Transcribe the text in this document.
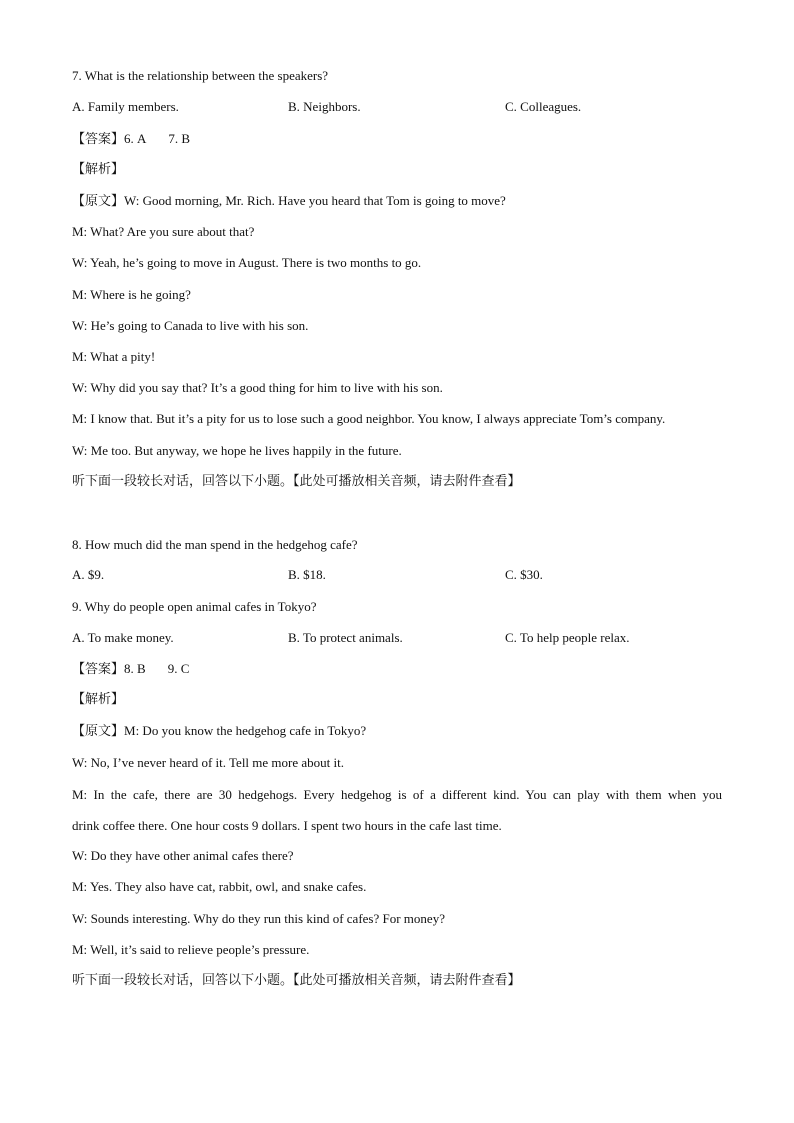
7. What is the relationship between the speakers?
A. Family members.	B. Neighbors.	C. Colleagues.
【答案】6. A 7. B
【解析】
【原文】W: Good morning, Mr. Rich. Have you heard that Tom is going to move?
M: What? Are you sure about that?
W: Yeah, he’s going to move in August. There is two months to go.
M: Where is he going?
W: He’s going to Canada to live with his son.
M: What a pity!
W: Why did you say that? It’s a good thing for him to live with his son.
M: I know that. But it’s a pity for us to lose such a good neighbor. You know, I always appreciate Tom’s company.
W: Me too. But anyway, we hope he lives happily in the future.
听下面一段较长对话，回答以下小题。【此处可播放相关音频，请去附件查看】
8. How much did the man spend in the hedgehog cafe?
A. $9.	B. $18.	C. $30.
9. Why do people open animal cafes in Tokyo?
A. To make money.	B. To protect animals.	C. To help people relax.
【答案】8. B 9. C
【解析】
【原文】M: Do you know the hedgehog cafe in Tokyo?
W: No, I’ve never heard of it. Tell me more about it.
M: In the cafe, there are 30 hedgehogs. Every hedgehog is of a different kind. You can play with them when you
drink coffee there. One hour costs 9 dollars. I spent two hours in the cafe last time.
W: Do they have other animal cafes there?
M: Yes. They also have cat, rabbit, owl, and snake cafes.
W: Sounds interesting. Why do they run this kind of cafes? For money?
M: Well, it’s said to relieve people’s pressure.
听下面一段较长对话，回答以下小题。【此处可播放相关音频，请去附件查看】
